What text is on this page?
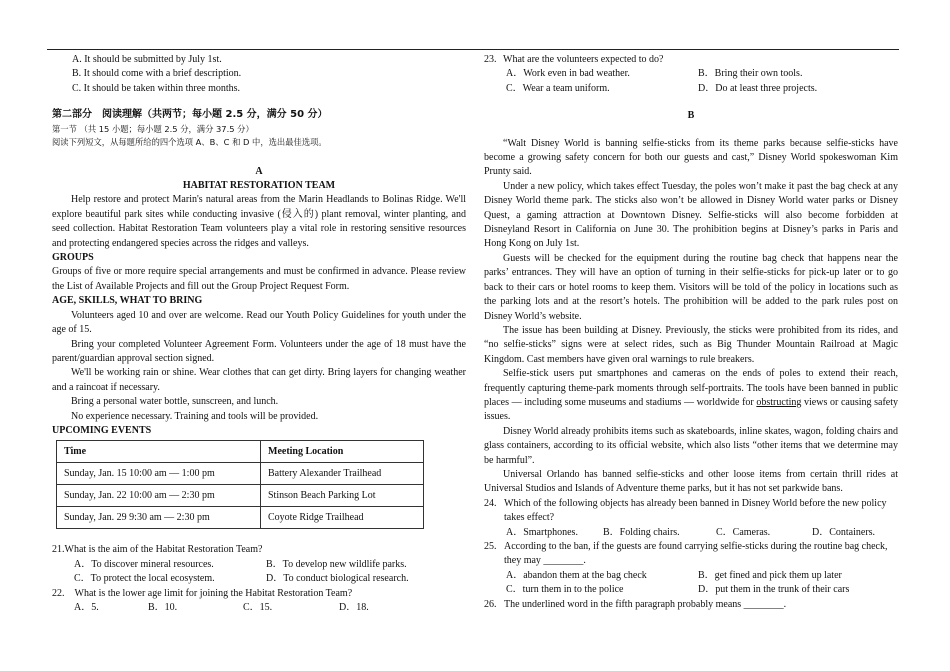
A. It should be submitted by July 1st.

B. It should come with a brief description.

C. It should be taken within three months.

第二部分　阅读理解（共两节；每小题 2.5 分，满分 50 分）

第一节 （共 15 小题；每小题 2.5 分，满分 37.5 分）

阅读下列短文，从每题所给的四个选项 A、B、C 和 D 中，选出最佳选项。

A

HABITAT RESTORATION TEAM

Help restore and protect Marin's natural areas from the Marin Headlands to Bolinas Ridge. We'll explore beautiful park sites while conducting invasive (侵入的) plant removal, winter planting, and seed collection. Habitat Restoration Team volunteers play a vital role in restoring sensitive resources and protecting endangered species across the ridges and valleys.

GROUPS

Groups of five or more require special arrangements and must be confirmed in advance. Please review the List of Available Projects and fill out the Group Project Request Form.

AGE, SKILLS, WHAT TO BRING

Volunteers aged 10 and over are welcome. Read our Youth Policy Guidelines for youth under the age of 15.

Bring your completed Volunteer Agreement Form. Volunteers under the age of 18 must have the parent/guardian approval section signed.

We'll be working rain or shine. Wear clothes that can get dirty. Bring layers for changing weather and a raincoat if necessary.

Bring a personal water bottle, sunscreen, and lunch.

No experience necessary. Training and tools will be provided.

UPCOMING EVENTS

Time	Meeting Location
Sunday, Jan. 15 10:00 am — 1:00 pm	Battery Alexander Trailhead
Sunday, Jan. 22 10:00 am — 2:30 pm	Stinson Beach Parking Lot
Sunday, Jan. 29 9:30 am — 2:30 pm	Coyote Ridge Trailhead

21.What is the aim of the Habitat Restoration Team?

A．To discover mineral resources.	B．To develop new wildlife parks.
C．To protect the local ecosystem.	D．To conduct biological research.

22.　What is the lower age limit for joining the Habitat Restoration Team?

A．5.	B．10.	C．15.	D．18.
23. What are the volunteers expected to do?
A．Work even in bad weather.	B．Bring their own tools.
C．Wear a team uniform.	D．Do at least three projects.

B

“Walt Disney World is banning selfie-sticks from its theme parks because selfie-sticks have become a growing safety concern for both our guests and cast,” Disney World spokeswoman Kim Prunty said.

Under a new policy, which takes effect Tuesday, the poles won’t make it past the bag check at any Disney World theme park. The sticks also won’t be allowed in Disney World water parks or Disney Quest, a gaming attraction at Downtown Disney. Selfie-sticks will also become forbidden at Disneyland Resort in California on June 30. The prohibition begins at Disney’s parks in Paris and Hong Kong on July 1st.

Guests will be checked for the equipment during the routine bag check that happens near the parks’ entrances. They will have an option of turning in their selfie-sticks for pick-up later or to go back to their cars or hotel rooms to keep them. Visitors will be told of the policy in locations such as the parking lots and at the resort’s hotels. The prohibition will be added to the park rules post on Disney World’s website.

The issue has been building at Disney. Previously, the sticks were prohibited from its rides, and “no selfie-sticks” signs were at select rides, such as Big Thunder Mountain Railroad at Magic Kingdom. Cast members have given oral warnings to rule breakers.

Selfie-stick users put smartphones and cameras on the ends of poles to extend their reach, frequently capturing theme-park moments through self-portraits. The tools have been banned in public places — including some museums and stadiums — worldwide for obstructing views or causing safety issues.

Disney World already prohibits items such as skateboards, inline skates, wagon, folding chairs and glass containers, according to its official website, which also lists “other items that we determine may be harmful”.

Universal Orlando has banned selfie-sticks and other loose items from certain thrill rides at Universal Studios and Islands of Adventure theme parks, but it has not set parkwide bans.

24. Which of the following objects has already been banned in Disney World before the new policy takes effect?
A．Smartphones.	B．Folding chairs.	C．Cameras.	D．Containers.
25. According to the ban, if the guests are found carrying selfie-sticks during the routine bag check, they may ________.
A．abandon them at the bag check	B．get fined and pick them up later
C．turn them in to the police	D．put them in the trunk of their cars
26. The underlined word in the fifth paragraph probably means ________.
